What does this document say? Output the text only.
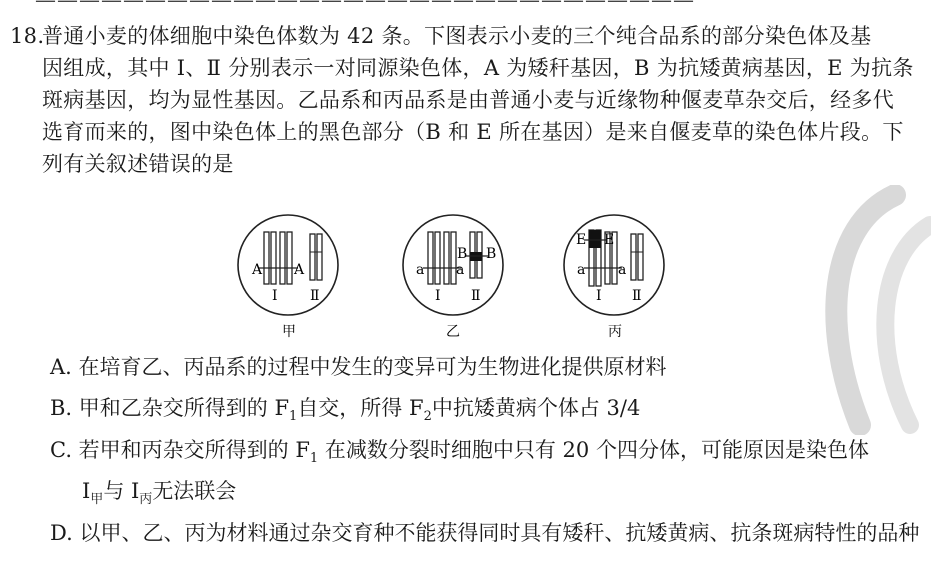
——————————————————————————————
18.普通小麦的体细胞中染色体数为 42 条。下图表示小麦的三个纯合品系的部分染色体及基
因组成，其中 Ⅰ、Ⅱ 分别表示一对同源染色体，A 为矮秆基因，B 为抗矮黄病基因，E 为抗条
斑病基因，均为显性基因。乙品系和丙品系是由普通小麦与近缘物种偃麦草杂交后，经多代
选育而来的，图中染色体上的黑色部分（B 和 E 所在基因）是来自偃麦草的染色体片段。下
列有关叙述错误的是
A A
Ⅰ Ⅱ
甲
a a
B B
Ⅰ Ⅱ
乙
E E
a a
Ⅰ Ⅱ
丙
A. 在培育乙、丙品系的过程中发生的变异可为生物进化提供原材料
B. 甲和乙杂交所得到的 $F_1$自交，所得 $F_2$中抗矮黄病个体占 3/4
C. 若甲和丙杂交所得到的 $F_1$ 在减数分裂时细胞中只有 20 个四分体，可能原因是染色体
$Ⅰ_甲$与 $Ⅰ_丙$无法联会
D. 以甲、乙、丙为材料通过杂交育种不能获得同时具有矮秆、抗矮黄病、抗条斑病特性的品种
